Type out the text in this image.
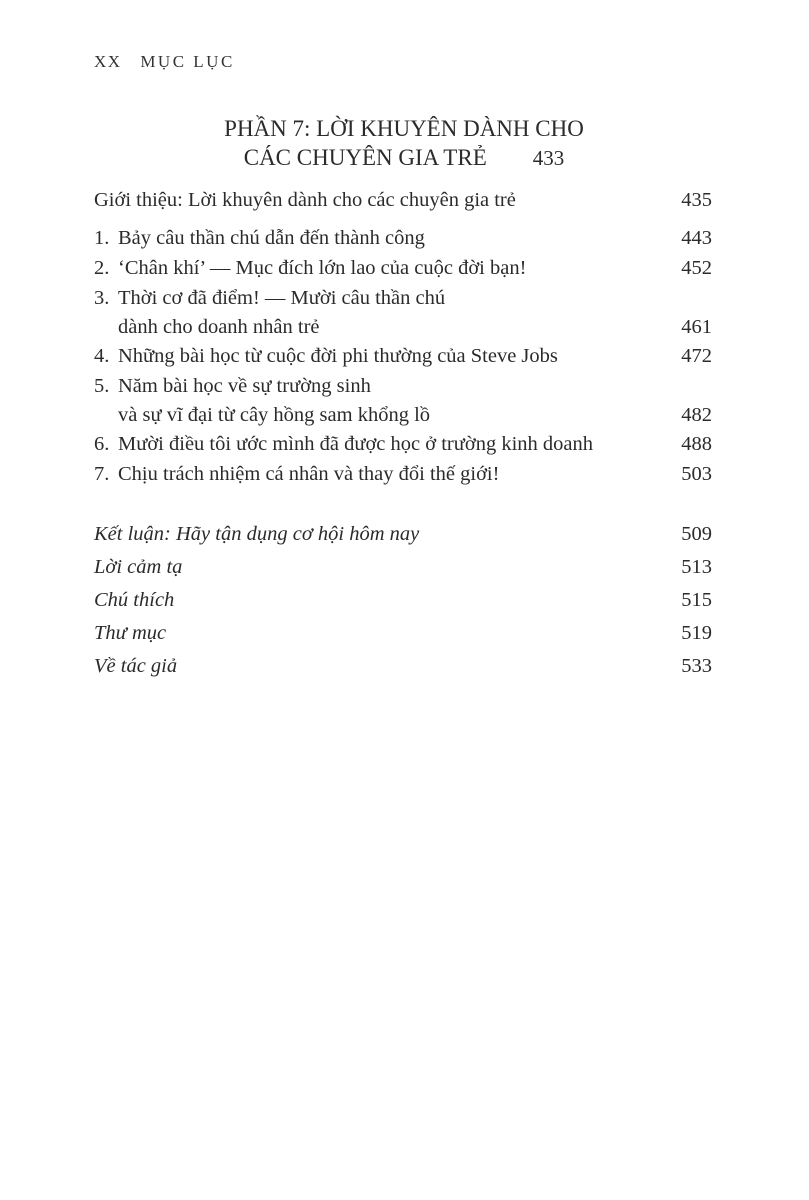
XX MỤC LỤC
PHẦN 7: LỜI KHUYÊN DÀNH CHO
CÁC CHUYÊN GIA TRẺ 433
Giới thiệu: Lời khuyên dành cho các chuyên gia trẻ	435
1. Bảy câu thần chú dẫn đến thành công	443
2. ‘Chân khí’ — Mục đích lớn lao của cuộc đời bạn!	452
3. Thời cơ đã điểm! — Mười câu thần chú
dành cho doanh nhân trẻ	461
4. Những bài học từ cuộc đời phi thường của Steve Jobs	472
5. Năm bài học về sự trường sinh
và sự vĩ đại từ cây hồng sam khổng lồ	482
6. Mười điều tôi ước mình đã được học ở trường kinh doanh	488
7. Chịu trách nhiệm cá nhân và thay đổi thế giới!	503
Kết luận: Hãy tận dụng cơ hội hôm nay	509
Lời cảm tạ	513
Chú thích	515
Thư mục	519
Về tác giả	533
